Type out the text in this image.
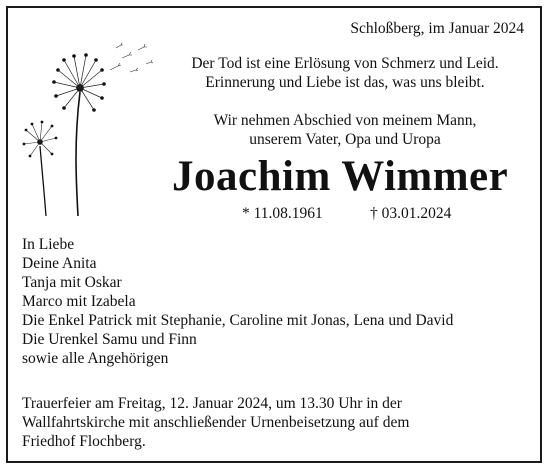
Schloßberg, im Januar 2024
Der Tod ist eine Erlösung von Schmerz und Leid.
Erinnerung und Liebe ist das, was uns bleibt.
Wir nehmen Abschied von meinem Mann,
unserem Vater, Opa und Uropa
Joachim Wimmer
* 11.08.1961	† 03.01.2024
In Liebe
Deine Anita
Tanja mit Oskar
Marco mit Izabela
Die Enkel Patrick mit Stephanie, Caroline mit Jonas, Lena und David
Die Urenkel Samu und Finn
sowie alle Angehörigen
Trauerfeier am Freitag, 12. Januar 2024, um 13.30 Uhr in der
Wallfahrtskirche mit anschließender Urnenbeisetzung auf dem
Friedhof Flochberg.
